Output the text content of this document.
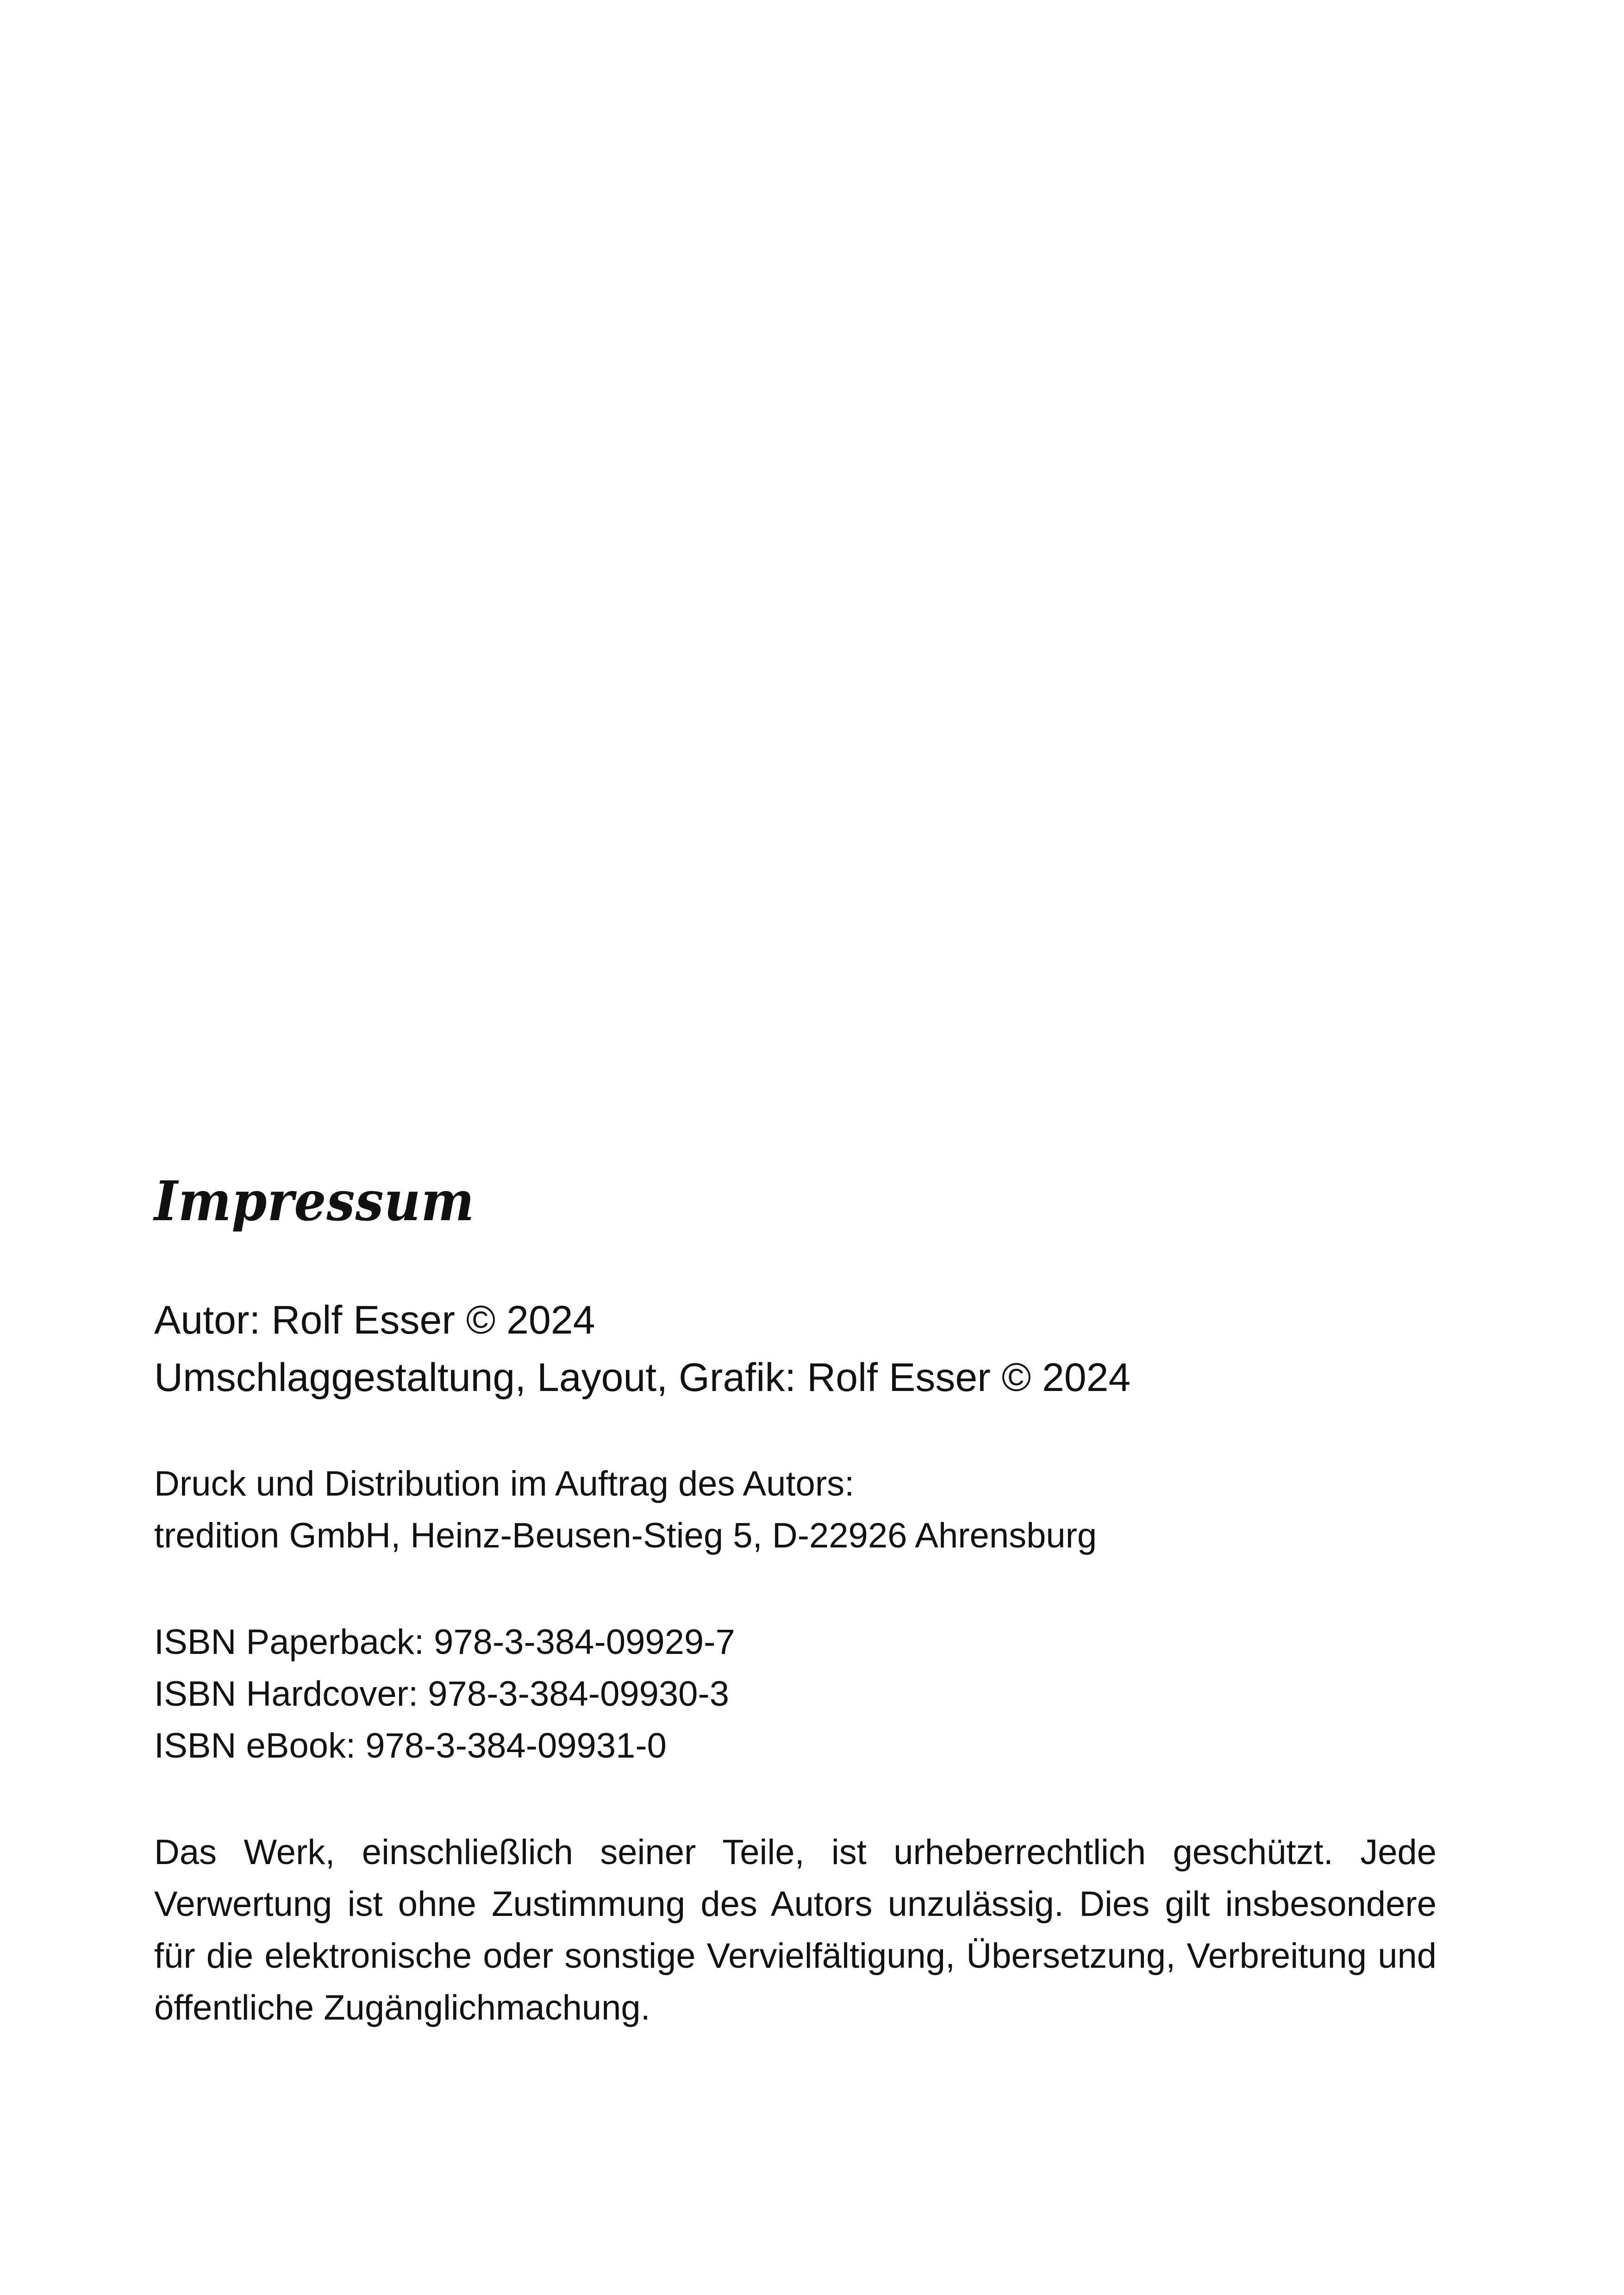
Impressum
Autor: Rolf Esser © 2024
Umschlaggestaltung, Layout, Grafik: Rolf Esser © 2024
Druck und Distribution im Auftrag des Autors:
tredition GmbH, Heinz-Beusen-Stieg 5, D-22926 Ahrensburg
ISBN Paperback: 978-3-384-09929-7
ISBN Hardcover: 978-3-384-09930-3
ISBN eBook: 978-3-384-09931-0

Das Werk, einschließlich seiner Teile, ist urheberrechtlich geschützt. Jede Verwertung ist ohne Zustimmung des Autors unzulässig. Dies gilt insbesondere für die elektronische oder sonstige Vervielfältigung, Übersetzung, Verbreitung und öffentliche Zugänglichmachung.
